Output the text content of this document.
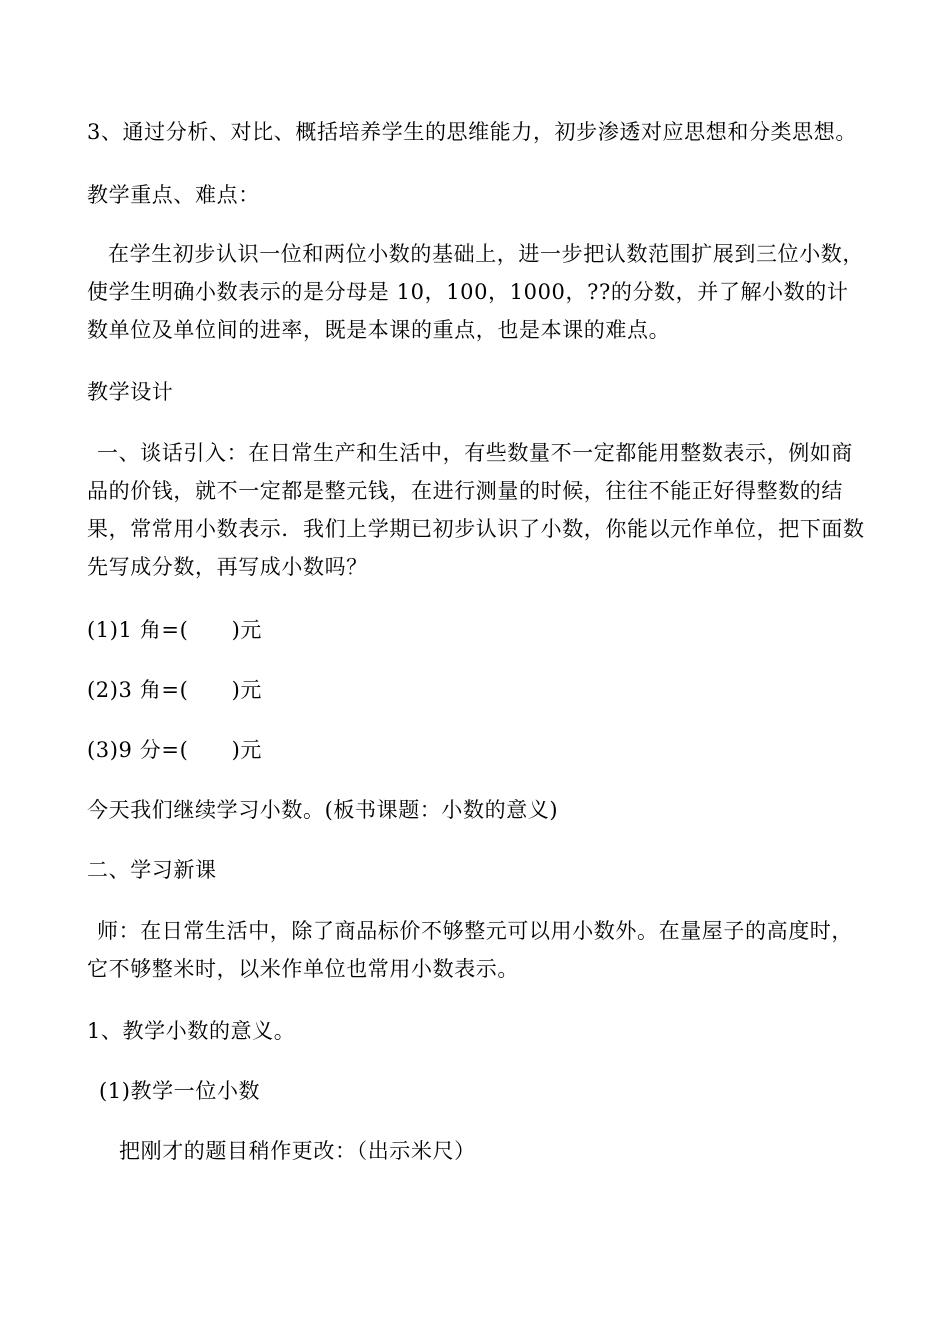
3、通过分析、对比、概括培养学生的思维能力，初步渗透对应思想和分类思想。
教学重点、难点：
在学生初步认识一位和两位小数的基础上，进一步把认数范围扩展到三位小数，使学生明确小数表示的是分母是 10，100，1000，??的分数，并了解小数的计数单位及单位间的进率，既是本课的重点，也是本课的难点。
教学设计
一、谈话引入：在日常生产和生活中，有些数量不一定都能用整数表示，例如商品的价钱，就不一定都是整元钱，在进行测量的时候，往往不能正好得整数的结果，常常用小数表示．我们上学期已初步认识了小数，你能以元作单位，把下面数先写成分数，再写成小数吗？
(1)1 角=(　　)元
(2)3 角=(　　)元
(3)9 分=(　　)元
今天我们继续学习小数。(板书课题：小数的意义)
二、学习新课
师：在日常生活中，除了商品标价不够整元可以用小数外。在量屋子的高度时，它不够整米时，以米作单位也常用小数表示。
1、教学小数的意义。
(1)教学一位小数
把刚才的题目稍作更改：（出示米尺）
